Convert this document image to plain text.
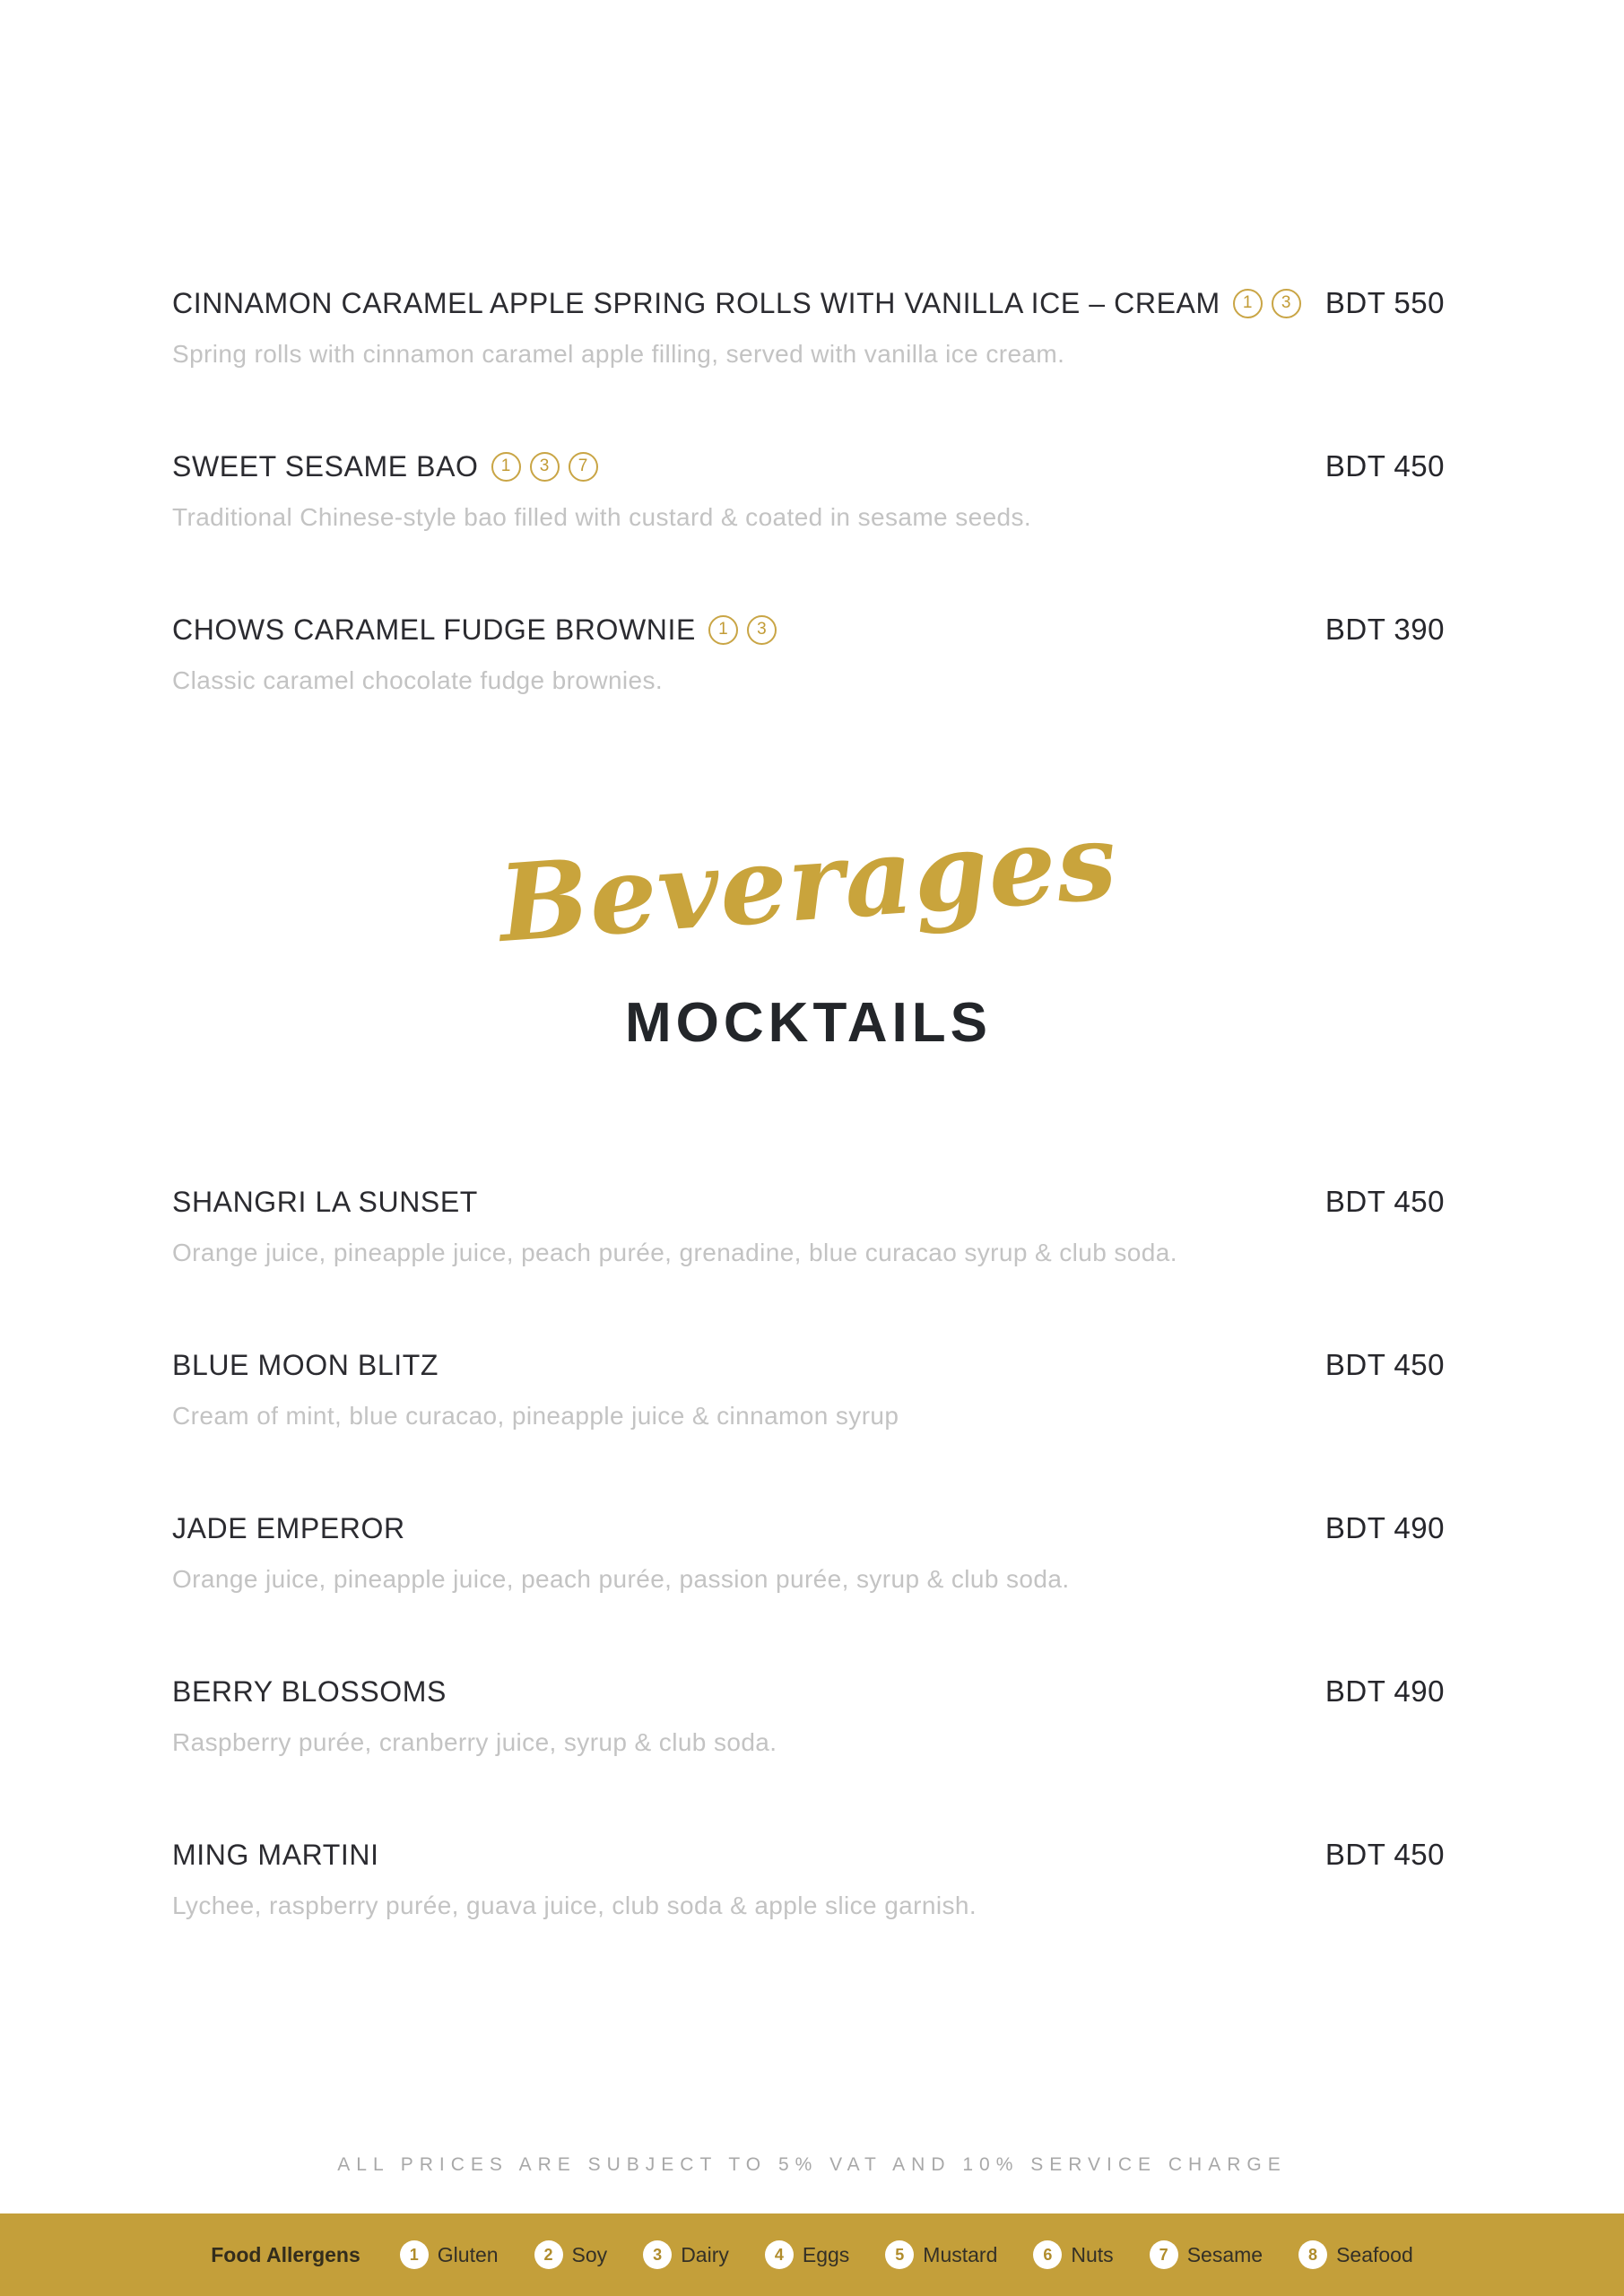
CINNAMON CARAMEL APPLE SPRING ROLLS WITH VANILLA ICE – CREAM	1	3	BDT 550

Spring rolls with cinnamon caramel apple filling, served with vanilla ice cream.

SWEET SESAME BAO	1	3	7	BDT 450

Traditional Chinese-style bao filled with custard & coated in sesame seeds.

CHOWS CARAMEL FUDGE BROWNIE	1	3	BDT 390

Classic caramel chocolate fudge brownies.

Beverages
MOCKTAILS
SHANGRI LA SUNSET	BDT 450

Orange juice, pineapple juice, peach purée, grenadine, blue curacao syrup & club soda.

BLUE MOON BLITZ	BDT 450

Cream of mint, blue curacao, pineapple juice & cinnamon syrup

JADE EMPEROR	BDT 490

Orange juice, pineapple juice, peach purée, passion purée, syrup & club soda.

BERRY BLOSSOMS	BDT 490

Raspberry purée, cranberry juice, syrup & club soda.

MING MARTINI	BDT 450

Lychee, raspberry purée, guava juice, club soda & apple slice garnish.

ALL PRICES ARE SUBJECT TO 5% VAT AND 10% SERVICE CHARGE
Food Allergens	1 Gluten	2 Soy	3 Dairy	4 Eggs	5 Mustard	6 Nuts	7 Sesame	8 Seafood
